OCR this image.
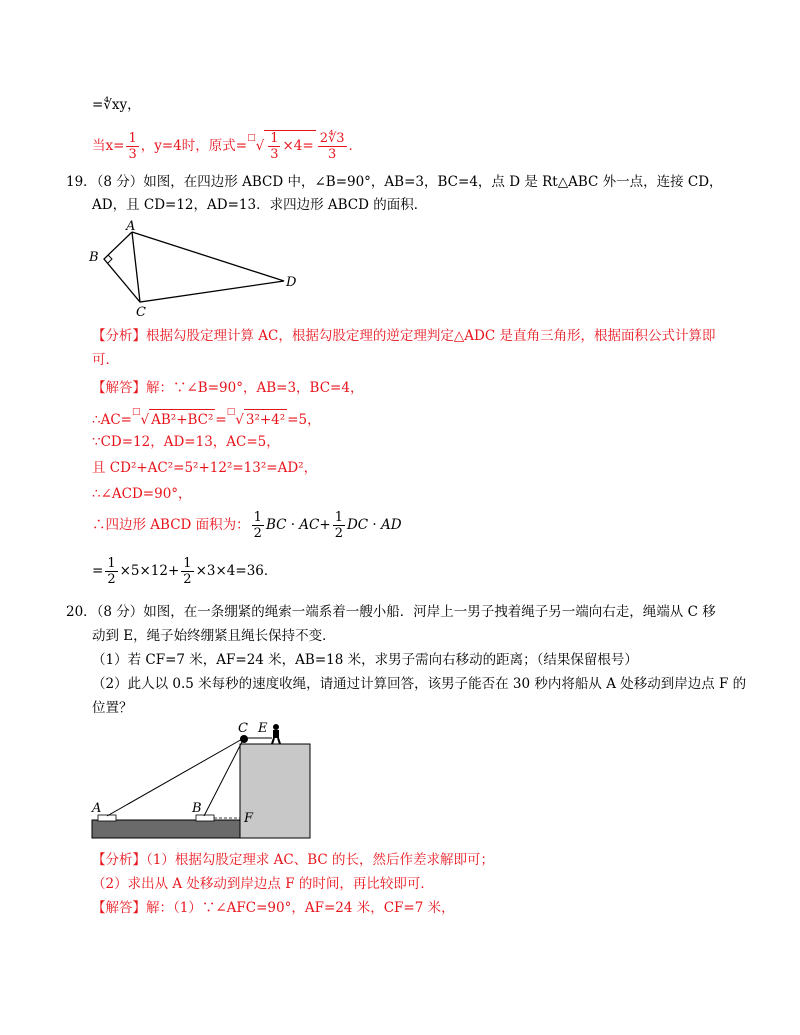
=∜xy，
当$x= \frac{1}{3}$ ，y=4时，原式$=^□√ \frac{1}{3} \times 4= \frac{2∜3}{3}$ ．
19．（8 分）如图，在四边形 ABCD 中，∠B=90°，AB=3，BC=4，点 D 是 Rt△ABC 外一点，连接 CD，
AD，且 CD=12，AD=13．求四边形 ABCD 的面积．
A
B
C
D
【分析】根据勾股定理计算 AC，根据勾股定理的逆定理判定△ADC 是直角三角形，根据面积公式计算即
可．
【解答】解：∵∠B=90°，AB=3，BC=4，
∴AC=□√ AB²+BC² =□√ 3²+4² =5，
∵CD=12，AD=13，AC=5，
且 CD²+AC²=5²+12²=13²=AD²，
∴∠ACD=90°，
∴四边形 ABCD 面积为： $\frac{1}{2}$ BC · $AC+ \frac{1}{2}$ DC · AD
= $\frac{1}{2} \times 5\times 12+ \frac{1}{2} \times 3\times 4=36$．
20．（8 分）如图，在一条绷紧的绳索一端系着一艘小船．河岸上一男子拽着绳子另一端向右走，绳端从 C 移
动到 E，绳子始终绷紧且绳长保持不变．
（1）若 CF=7 米，AF=24 米，AB=18 米，求男子需向右移动的距离；（结果保留根号）
（2）此人以 0.5 米每秒的速度收绳，请通过计算回答，该男子能否在 30 秒内将船从 A 处移动到岸边点 F 的
位置？
C E
A	B
F
【分析】（1）根据勾股定理求 AC、BC 的长，然后作差求解即可；
（2）求出从 A 处移动到岸边点 F 的时间，再比较即可．
【解答】解：（1）∵∠AFC=90°，AF=24 米，CF=7 米，
